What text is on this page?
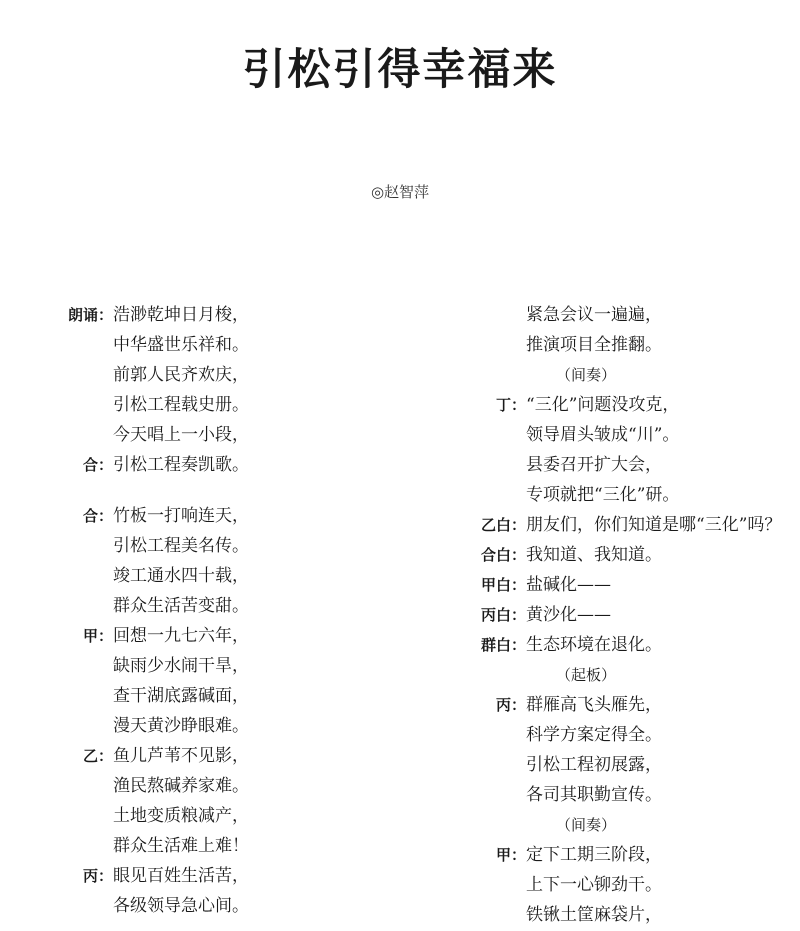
引松引得幸福来
◎赵智萍
朗诵： 浩渺乾坤日月梭，
中华盛世乐祥和。
前郭人民齐欢庆，
引松工程载史册。
今天唱上一小段，
合： 引松工程奏凯歌。
合： 竹板一打响连天，
引松工程美名传。
竣工通水四十载，
群众生活苦变甜。
甲： 回想一九七六年，
缺雨少水闹干旱，
查干湖底露碱面，
漫天黄沙睁眼难。
乙： 鱼儿芦苇不见影，
渔民熬碱养家难。
土地变质粮减产，
群众生活难上难！
丙： 眼见百姓生活苦，
各级领导急心间。
紧急会议一遍遍，
推演项目全推翻。
（间奏）
丁： “三化”问题没攻克，
领导眉头皱成“川”。
县委召开扩大会，
专项就把“三化”研。
乙白： 朋友们，你们知道是哪“三化”吗？
合白： 我知道、我知道。
甲白： 盐碱化——
丙白： 黄沙化——
群白： 生态环境在退化。
（起板）
丙： 群雁高飞头雁先，
科学方案定得全。
引松工程初展露，
各司其职勤宣传。
（间奏）
甲： 定下工期三阶段，
上下一心铆劲干。
铁锹土筐麻袋片，
